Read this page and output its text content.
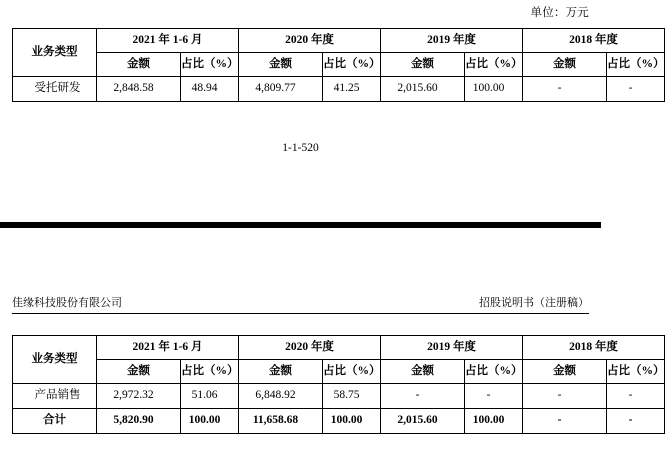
单位：万元
业务类型	2021 年 1-6 月		2020 年度		2019 年度		2018 年度	
	金额	占比（%）	金额	占比（%）	金额	占比（%）	金额	占比（%）
受托研发	2,848.58	48.94	4,809.77	41.25	2,015.60	100.00	-	-
1-1-520
佳缘科技股份有限公司	招股说明书（注册稿）
业务类型	2021 年 1-6 月		2020 年度		2019 年度		2018 年度	
	金额	占比（%）	金额	占比（%）	金额	占比（%）	金额	占比（%）
产品销售	2,972.32	51.06	6,848.92	58.75	-	-	-	-
合计	5,820.90	100.00	11,658.68	100.00	2,015.60	100.00	-	-
